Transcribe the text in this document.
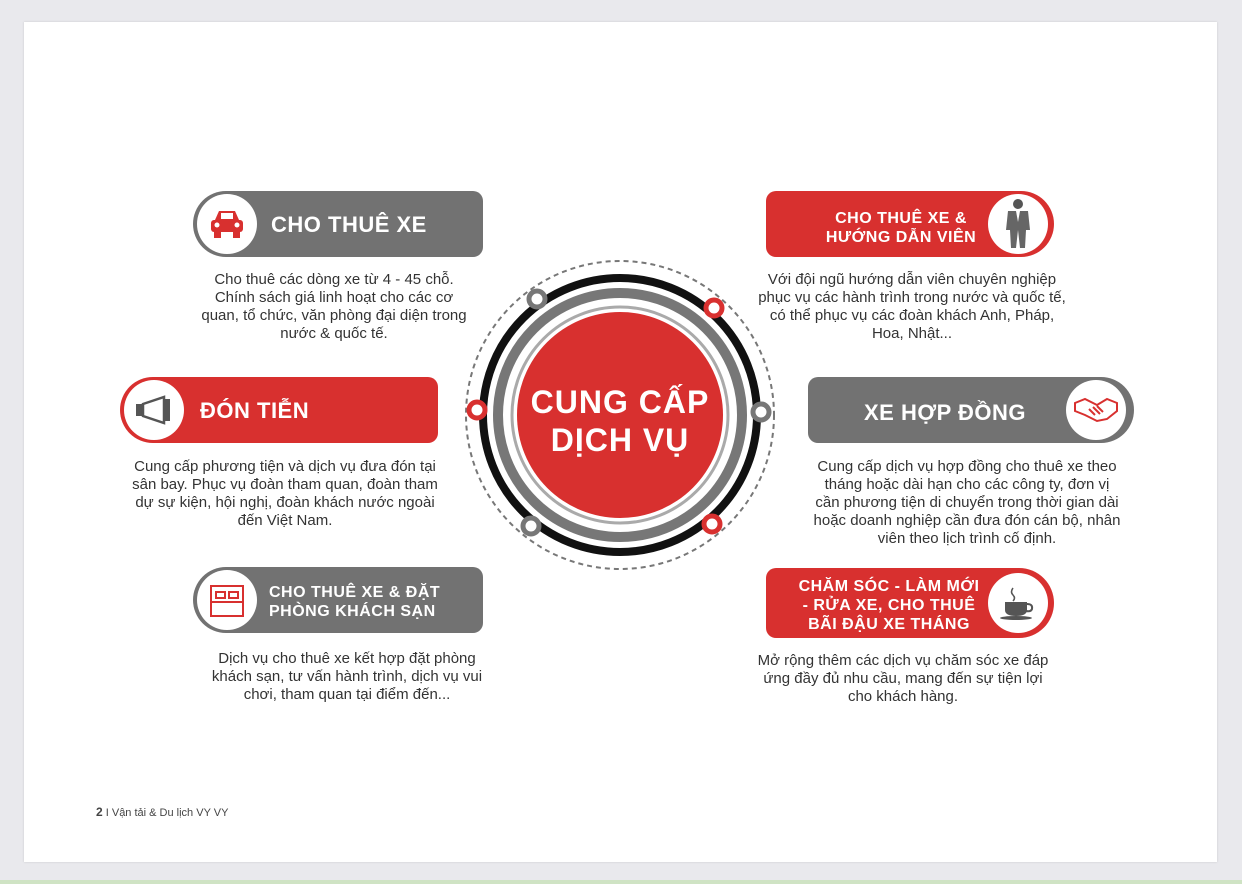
CUNG CẤP
DỊCH VỤ
CHO THUÊ XE
Cho thuê các dòng xe từ 4 - 45 chỗ. Chính sách giá linh hoạt cho các cơ quan, tổ chức, văn phòng đại diện trong nước & quốc tế.
CHO THUÊ XE &
HƯỚNG DẪN VIÊN
Với đội ngũ hướng dẫn viên chuyên nghiệp phục vụ các hành trình trong nước và quốc tế, có thể phục vụ các đoàn khách Anh, Pháp, Hoa, Nhật...
ĐÓN TIỄN
Cung cấp phương tiện và dịch vụ đưa đón tại sân bay. Phục vụ đoàn tham quan, đoàn tham dự sự kiện, hội nghị, đoàn khách nước ngoài đến Việt Nam.
XE HỢP ĐỒNG
Cung cấp dịch vụ hợp đồng cho thuê xe theo tháng hoặc dài hạn cho các công ty, đơn vị cần phương tiện di chuyển trong thời gian dài hoặc doanh nghiệp cần đưa đón cán bộ, nhân viên theo lịch trình cố định.
CHO THUÊ XE & ĐẶT
PHÒNG KHÁCH SẠN
Dịch vụ cho thuê xe kết hợp đặt phòng khách sạn, tư vấn hành trình, dịch vụ vui chơi, tham quan tại điểm đến...
CHĂM SÓC - LÀM MỚI
- RỬA XE, CHO THUÊ
BÃI ĐẬU XE THÁNG
Mở rộng thêm các dịch vụ chăm sóc xe đáp ứng đầy đủ nhu cầu, mang đến sự tiện lợi cho khách hàng.
2 I Vận tải & Du lịch VY VY
